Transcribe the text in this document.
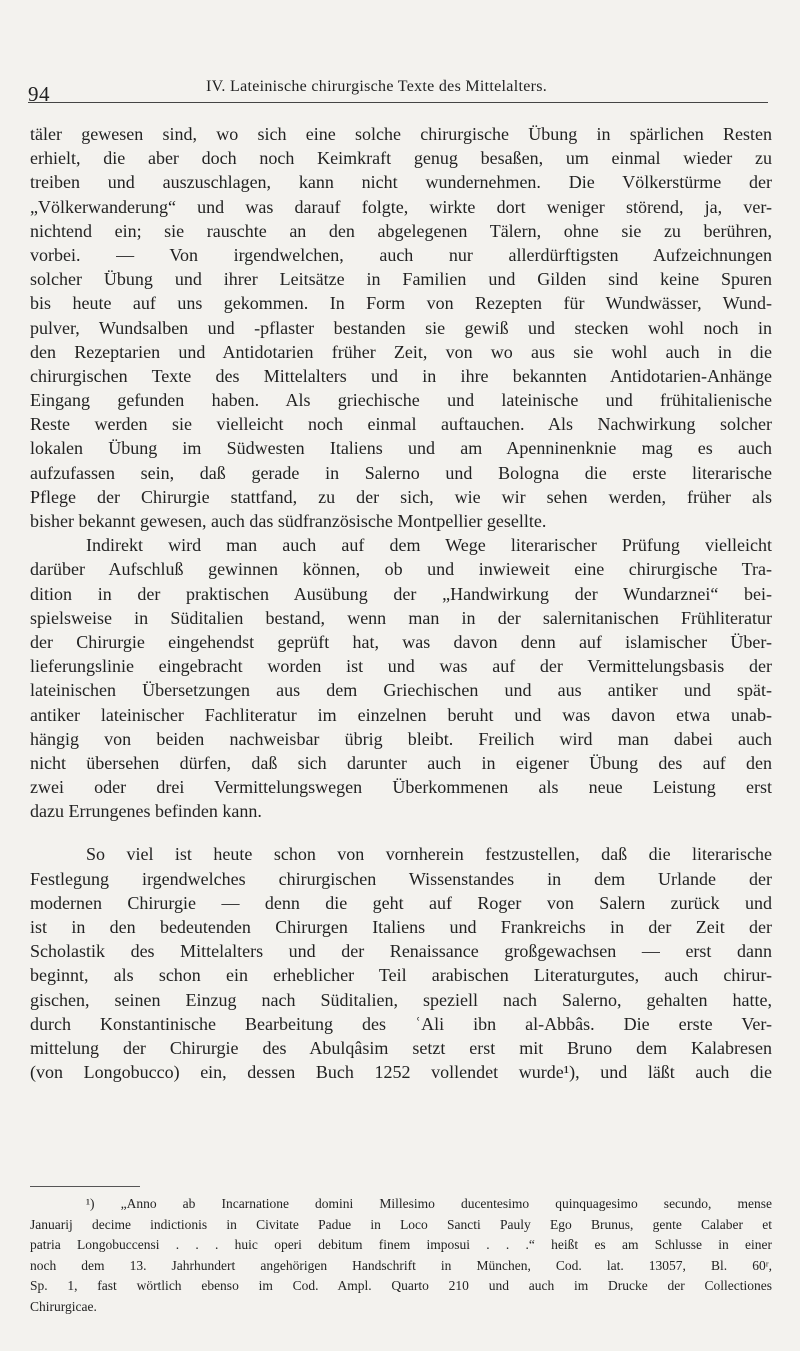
94	IV. Lateinische chirurgische Texte des Mittelalters.
täler gewesen sind, wo sich eine solche chirurgische Übung in spärlichen Resten
erhielt, die aber doch noch Keimkraft genug besaßen, um einmal wieder zu
treiben und auszuschlagen, kann nicht wundernehmen. Die Völkerstürme der
„Völkerwanderung“ und was darauf folgte, wirkte dort weniger störend, ja, ver-
nichtend ein; sie rauschte an den abgelegenen Tälern, ohne sie zu berühren,
vorbei. — Von irgendwelchen, auch nur allerdürftigsten Aufzeichnungen
solcher Übung und ihrer Leitsätze in Familien und Gilden sind keine Spuren
bis heute auf uns gekommen. In Form von Rezepten für Wundwässer, Wund-
pulver, Wundsalben und -pflaster bestanden sie gewiß und stecken wohl noch in
den Rezeptarien und Antidotarien früher Zeit, von wo aus sie wohl auch in die
chirurgischen Texte des Mittelalters und in ihre bekannten Antidotarien-Anhänge
Eingang gefunden haben. Als griechische und lateinische und frühitalienische
Reste werden sie vielleicht noch einmal auftauchen. Als Nachwirkung solcher
lokalen Übung im Südwesten Italiens und am Apenninenknie mag es auch
aufzufassen sein, daß gerade in Salerno und Bologna die erste literarische
Pflege der Chirurgie stattfand, zu der sich, wie wir sehen werden, früher als
bisher bekannt gewesen, auch das südfranzösische Montpellier gesellte.
Indirekt wird man auch auf dem Wege literarischer Prüfung vielleicht
darüber Aufschluß gewinnen können, ob und inwieweit eine chirurgische Tra-
dition in der praktischen Ausübung der „Handwirkung der Wundarznei“ bei-
spielsweise in Süditalien bestand, wenn man in der salernitanischen Frühliteratur
der Chirurgie eingehendst geprüft hat, was davon denn auf islamischer Über-
lieferungslinie eingebracht worden ist und was auf der Vermittelungsbasis der
lateinischen Übersetzungen aus dem Griechischen und aus antiker und spät-
antiker lateinischer Fachliteratur im einzelnen beruht und was davon etwa unab-
hängig von beiden nachweisbar übrig bleibt. Freilich wird man dabei auch
nicht übersehen dürfen, daß sich darunter auch in eigener Übung des auf den
zwei oder drei Vermittelungswegen Überkommenen als neue Leistung erst
dazu Errungenes befinden kann.
So viel ist heute schon von vornherein festzustellen, daß die literarische
Festlegung irgendwelches chirurgischen Wissenstandes in dem Urlande der
modernen Chirurgie — denn die geht auf Roger von Salern zurück und
ist in den bedeutenden Chirurgen Italiens und Frankreichs in der Zeit der
Scholastik des Mittelalters und der Renaissance großgewachsen — erst dann
beginnt, als schon ein erheblicher Teil arabischen Literaturgutes, auch chirur-
gischen, seinen Einzug nach Süditalien, speziell nach Salerno, gehalten hatte,
durch Konstantinische Bearbeitung des ʿAli ibn al-Abbâs. Die erste Ver-
mittelung der Chirurgie des Abulqâsim setzt erst mit Bruno dem Kalabresen
(von Longobucco) ein, dessen Buch 1252 vollendet wurde¹), und läßt auch die
¹) „Anno ab Incarnatione domini Millesimo ducentesimo quinquagesimo secundo, mense
Januarij decime indictionis in Civitate Padue in Loco Sancti Pauly Ego Brunus, gente Calaber et
patria Longobuccensi . . . huic operi debitum finem imposui . . .“ heißt es am Schlusse in einer
noch dem 13. Jahrhundert angehörigen Handschrift in München, Cod. lat. 13057, Bl. 60ʳ,
Sp. 1, fast wörtlich ebenso im Cod. Ampl. Quarto 210 und auch im Drucke der Collectiones
Chirurgicae.
